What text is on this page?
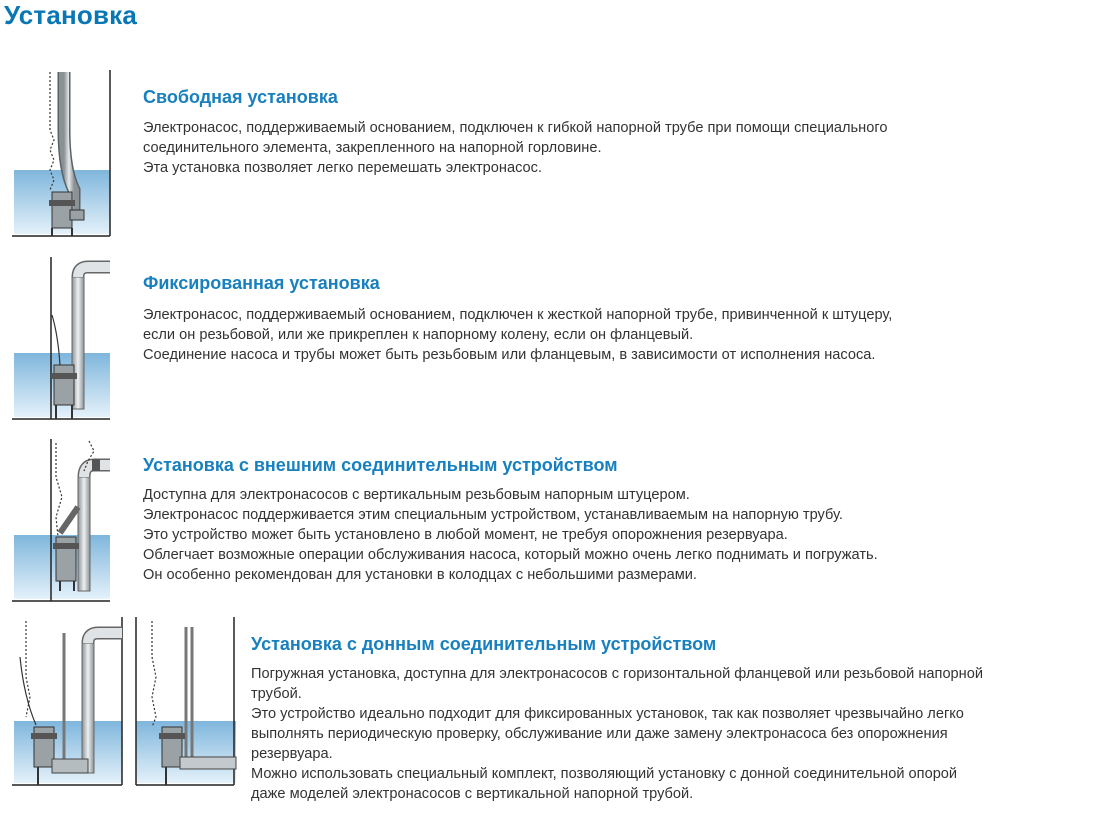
Установка
Свободная установка

Электронасос, поддерживаемый основанием, подключен к гибкой напорной трубе при помощи специального

соединительного элемента, закрепленного на напорной горловине.

Эта установка позволяет легко перемешать электронасос.

Фиксированная установка

Электронасос, поддерживаемый основанием, подключен к жесткой напорной трубе, привинченной к штуцеру,

если он резьбовой, или же прикреплен к напорному колену, если он фланцевый.

Соединение насоса и трубы может быть резьбовым или фланцевым, в зависимости от исполнения насоса.

Установка с внешним соединительным устройством

Доступна для электронасосов с вертикальным резьбовым напорным штуцером.

Электронасос поддерживается этим специальным устройством, устанавливаемым на напорную трубу.

Это устройство может быть установлено в любой момент, не требуя опорожнения резервуара.

Облегчает возможные операции обслуживания насоса, который можно очень легко поднимать и погружать.

Он особенно рекомендован для установки в колодцах с небольшими размерами.

Установка с донным соединительным устройством

Погружная установка, доступна для электронасосов с горизонтальной фланцевой или резьбовой напорной

трубой.

Это устройство идеально подходит для фиксированных установок, так как позволяет чрезвычайно легко

выполнять периодическую проверку, обслуживание или даже замену электронасоса без опорожнения

резервуара.

Можно использовать специальный комплект, позволяющий установку с донной соединительной опорой

даже моделей электронасосов с вертикальной напорной трубой.
